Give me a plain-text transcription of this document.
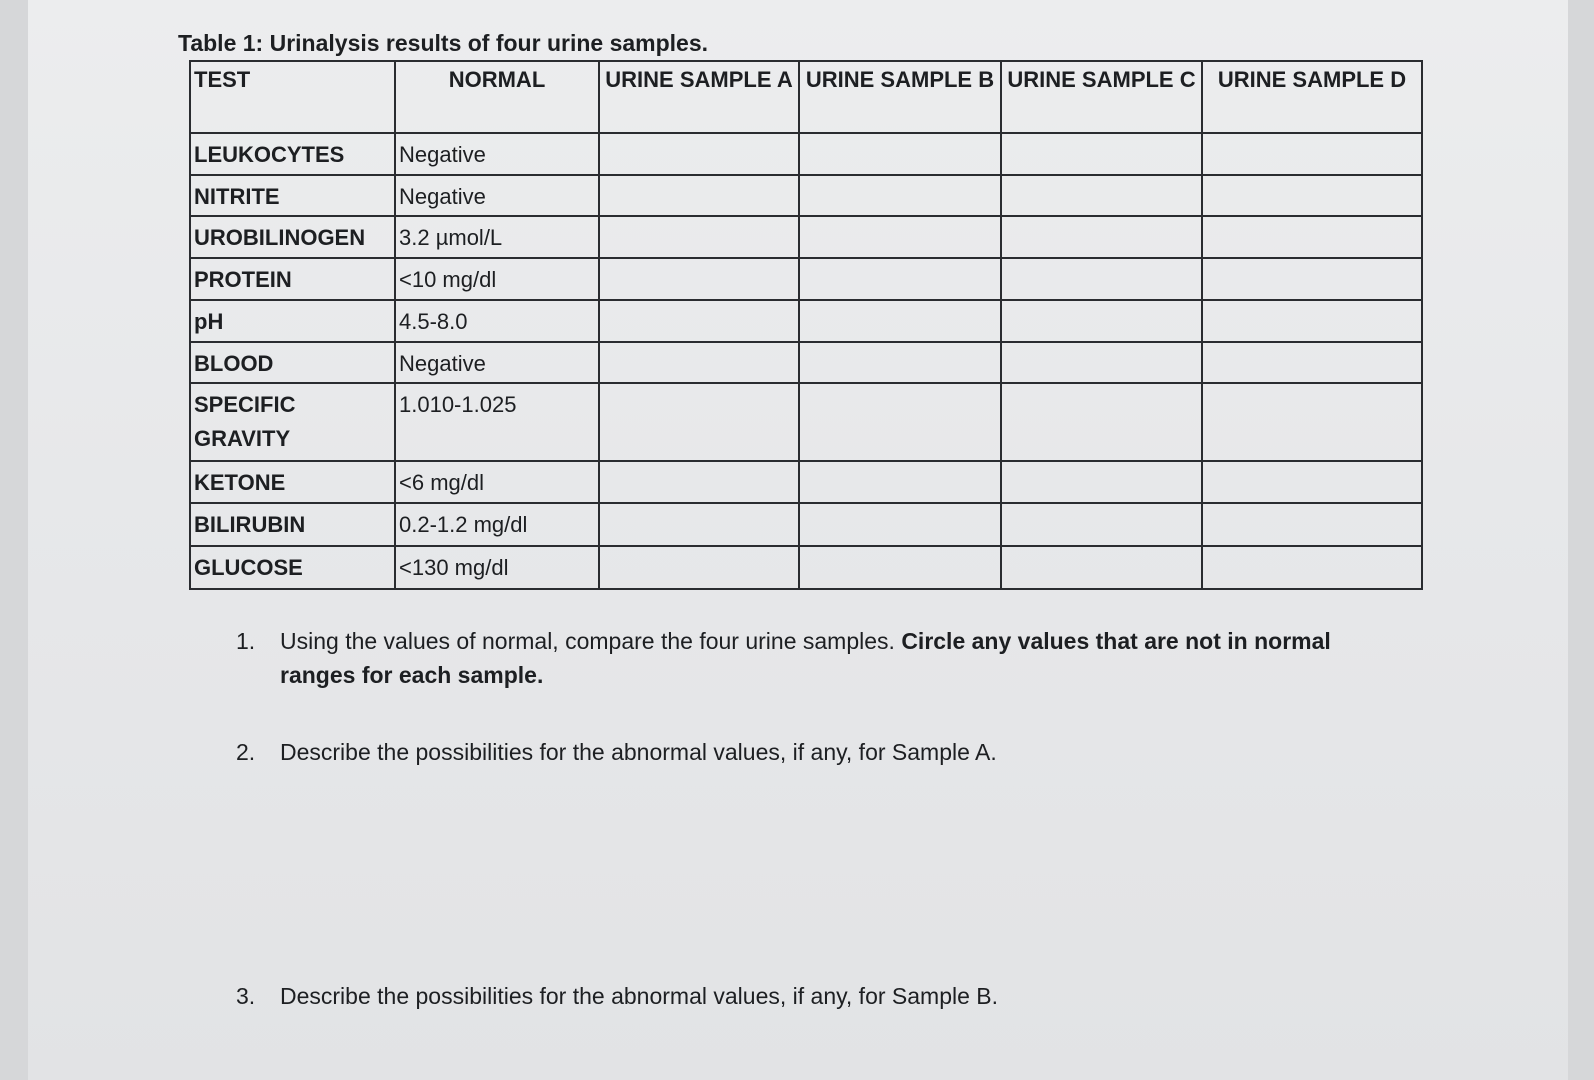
Table 1: Urinalysis results of four urine samples.
TEST	NORMAL	URINE SAMPLE A	URINE SAMPLE B	URINE SAMPLE C	URINE SAMPLE D
LEUKOCYTES	Negative				
NITRITE	Negative				
UROBILINOGEN	3.2 µmol/L				
PROTEIN	<10 mg/dl				
pH	4.5-8.0				
BLOOD	Negative				
SPECIFIC GRAVITY	1.010-1.025				
KETONE	<6 mg/dl				
BILIRUBIN	0.2-1.2 mg/dl				
GLUCOSE	<130 mg/dl				
1.	Using the values of normal, compare the four urine samples. Circle any values that are not in normal ranges for each sample.
2.	Describe the possibilities for the abnormal values, if any, for Sample A.
3.	Describe the possibilities for the abnormal values, if any, for Sample B.
